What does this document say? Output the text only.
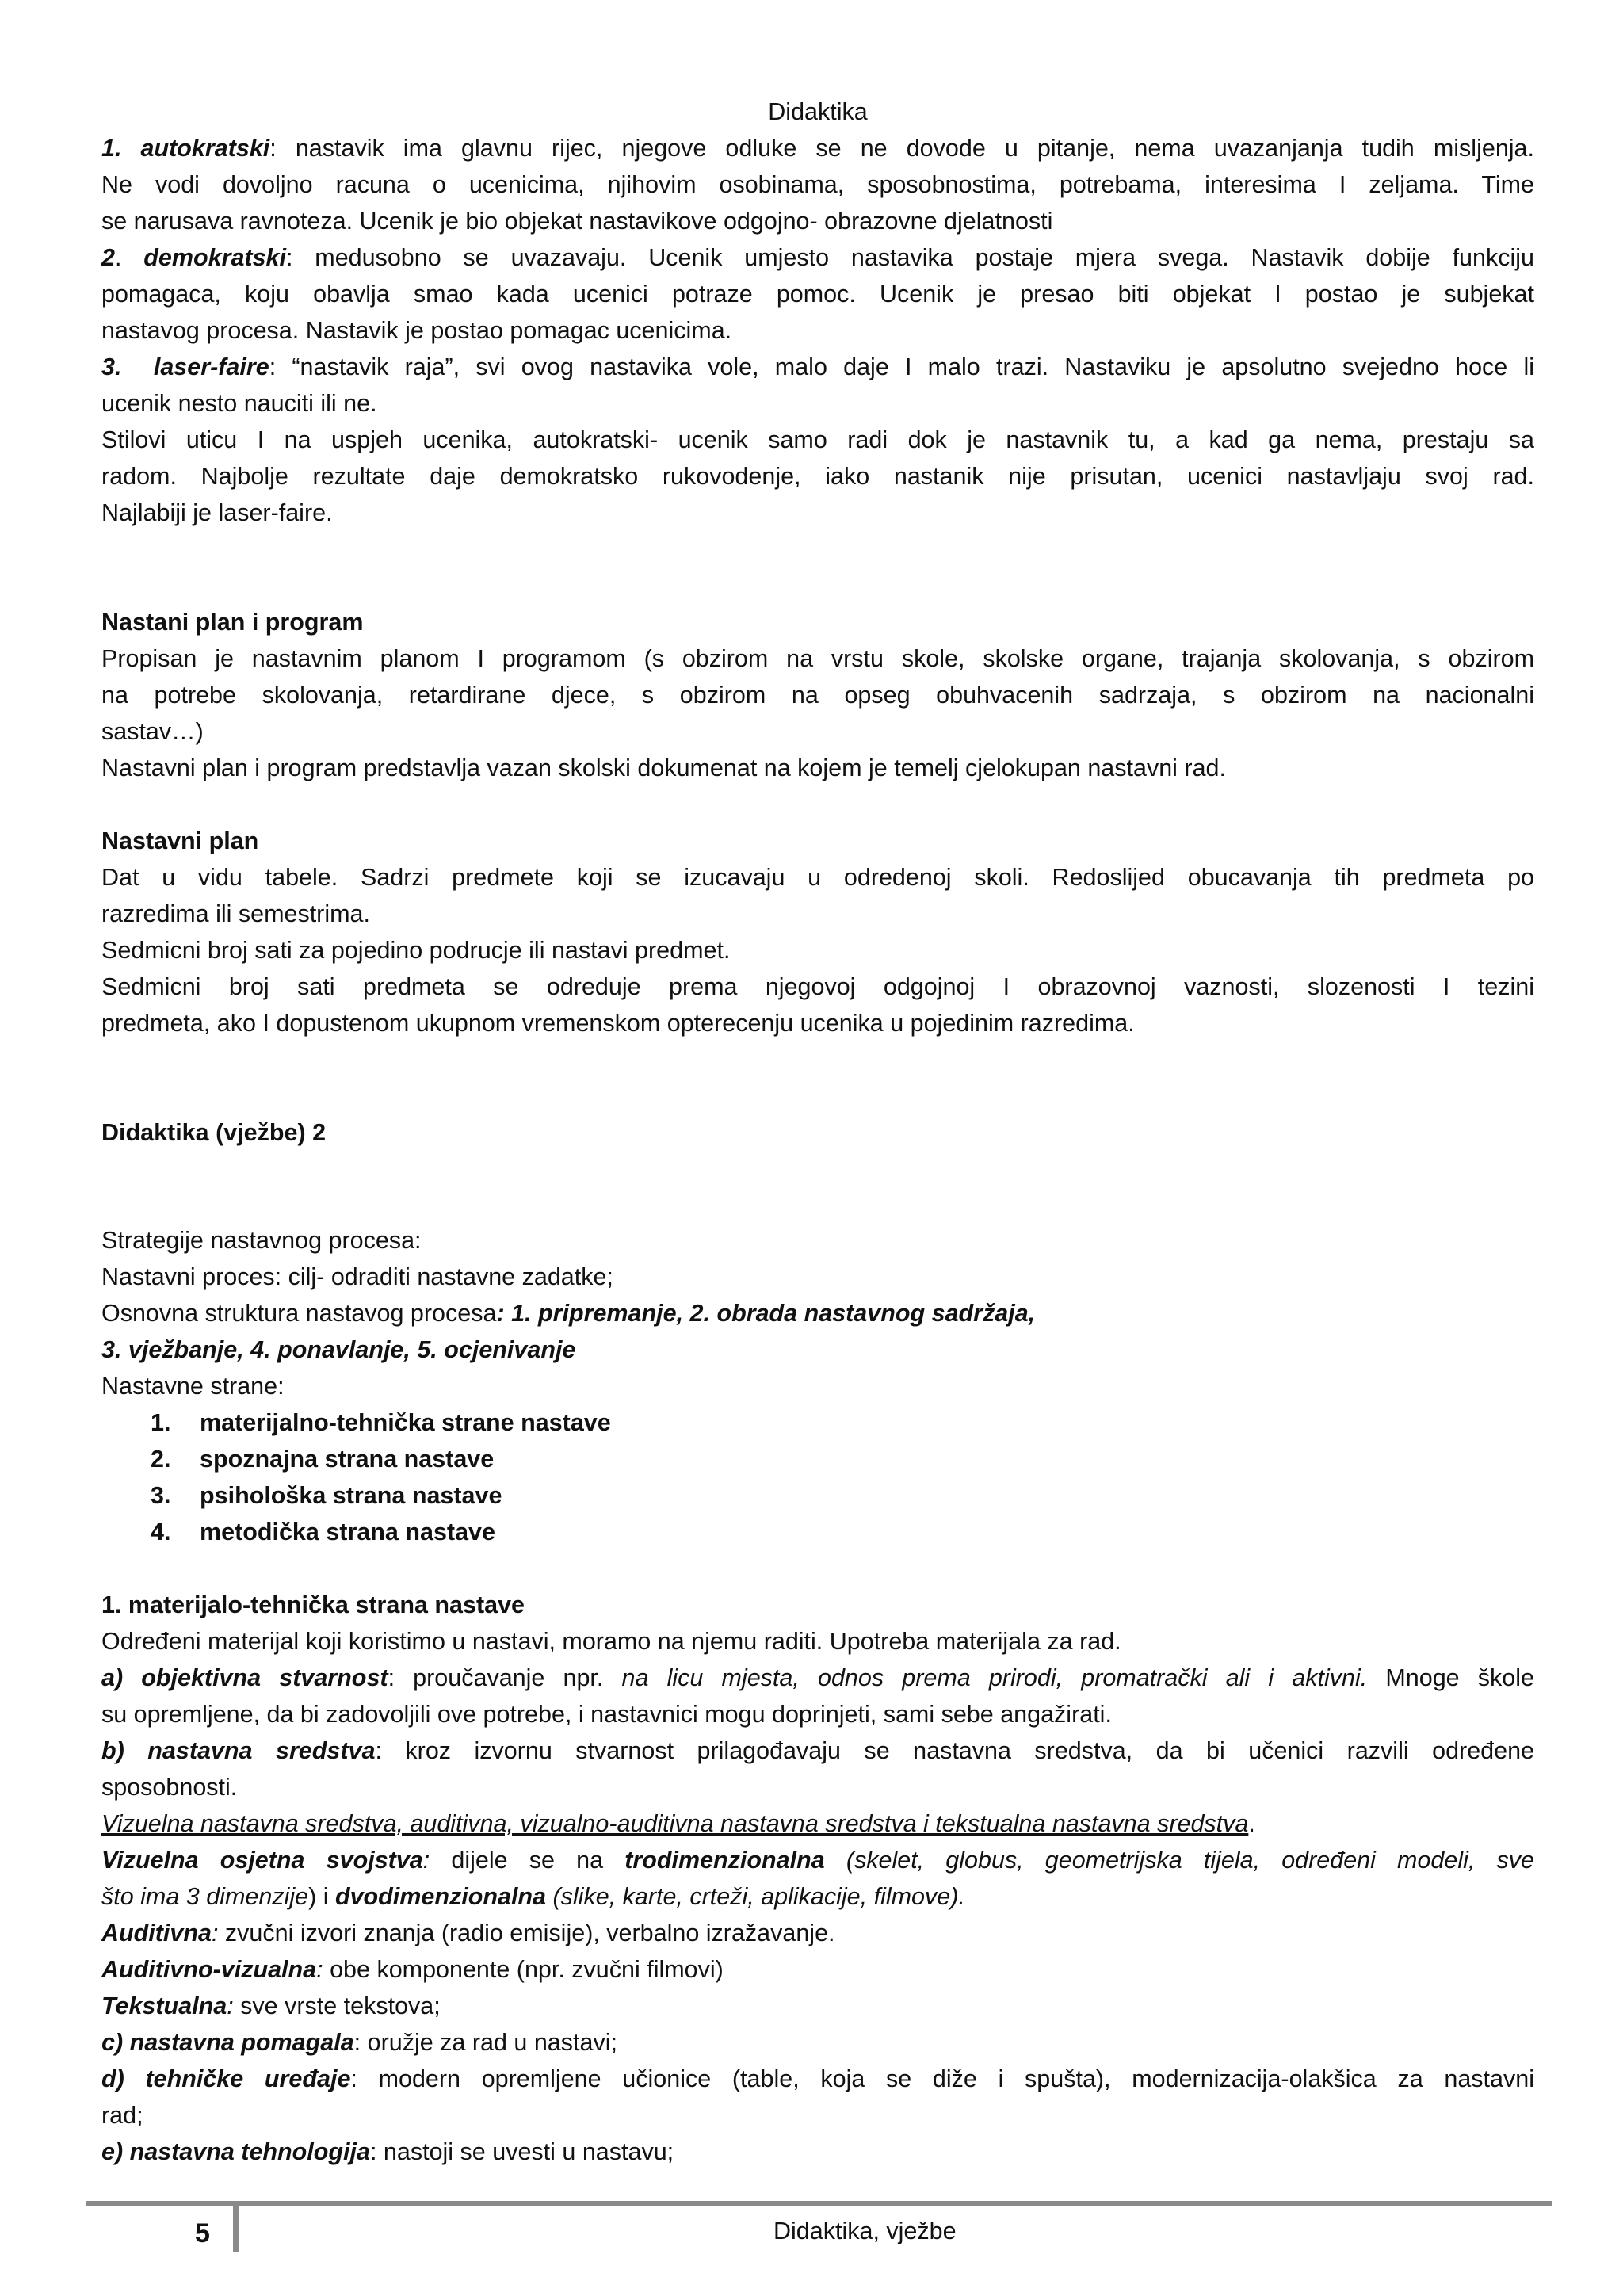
Didaktika

1. autokratski: nastavik ima glavnu rijec, njegove odluke se ne dovode u pitanje, nema uvazanjanja tudih misljenja.

Ne vodi dovoljno racuna o ucenicima, njihovim osobinama, sposobnostima, potrebama, interesima I zeljama. Time

se narusava ravnoteza. Ucenik je bio objekat nastavikove odgojno- obrazovne djelatnosti

2. demokratski: medusobno se uvazavaju. Ucenik umjesto nastavika postaje mjera svega. Nastavik dobije funkciju

pomagaca, koju obavlja smao kada ucenici potraze pomoc. Ucenik je presao biti objekat I postao je subjekat

nastavog procesa. Nastavik je postao pomagac ucenicima.

3. laser-faire: “nastavik raja”, svi ovog nastavika vole, malo daje I malo trazi. Nastaviku je apsolutno svejedno hoce li

ucenik nesto nauciti ili ne.

Stilovi uticu I na uspjeh ucenika, autokratski- ucenik samo radi dok je nastavnik tu, a kad ga nema, prestaju sa

radom. Najbolje rezultate daje demokratsko rukovodenje, iako nastanik nije prisutan, ucenici nastavljaju svoj rad.

Najlabiji je laser-faire.

Nastani plan i program

Propisan je nastavnim planom I programom (s obzirom na vrstu skole, skolske organe, trajanja skolovanja, s obzirom

na potrebe skolovanja, retardirane djece, s obzirom na opseg obuhvacenih sadrzaja, s obzirom na nacionalni

sastav…)

Nastavni plan i program predstavlja vazan skolski dokumenat na kojem je temelj cjelokupan nastavni rad.

Nastavni plan

Dat u vidu tabele. Sadrzi predmete koji se izucavaju u odredenoj skoli. Redoslijed obucavanja tih predmeta po

razredima ili semestrima.

Sedmicni broj sati za pojedino podrucje ili nastavi predmet.

Sedmicni broj sati predmeta se odreduje prema njegovoj odgojnoj I obrazovnoj vaznosti, slozenosti I tezini

predmeta, ako I dopustenom ukupnom vremenskom opterecenju ucenika u pojedinim razredima.

Didaktika (vježbe) 2

Strategije nastavnog procesa:

Nastavni proces: cilj- odraditi nastavne zadatke;

Osnovna struktura nastavog procesa: 1. pripremanje, 2. obrada nastavnog sadržaja,

3. vježbanje, 4. ponavlanje, 5. ocjenivanje

Nastavne strane:

1.	materijalno-tehnička strane nastave
2.	spoznajna strana nastave
3.	psihološka strana nastave
4.	metodička strana nastave

1. materijalo-tehnička strana nastave

Određeni materijal koji koristimo u nastavi, moramo na njemu raditi. Upotreba materijala za rad.

a) objektivna stvarnost: proučavanje npr. na licu mjesta, odnos prema prirodi, promatrački ali i aktivni. Mnoge škole

su opremljene, da bi zadovoljili ove potrebe, i nastavnici mogu doprinjeti, sami sebe angažirati.

b) nastavna sredstva: kroz izvornu stvarnost prilagođavaju se nastavna sredstva, da bi učenici razvili određene

sposobnosti.

Vizuelna nastavna sredstva, auditivna, vizualno-auditivna nastavna sredstva i tekstualna nastavna sredstva.

Vizuelna osjetna svojstva: dijele se na trodimenzionalna (skelet, globus, geometrijska tijela, određeni modeli, sve

što ima 3 dimenzije) i dvodimenzionalna (slike, karte, crteži, aplikacije, filmove).

Auditivna: zvučni izvori znanja (radio emisije), verbalno izražavanje.

Auditivno-vizualna: obe komponente (npr. zvučni filmovi)

Tekstualna: sve vrste tekstova;

c) nastavna pomagala: oružje za rad u nastavi;

d) tehničke uređaje: modern opremljene učionice (table, koja se diže i spušta), modernizacija-olakšica za nastavni

rad;

e) nastavna tehnologija: nastoji se uvesti u nastavu;

5	Didaktika, vježbe
